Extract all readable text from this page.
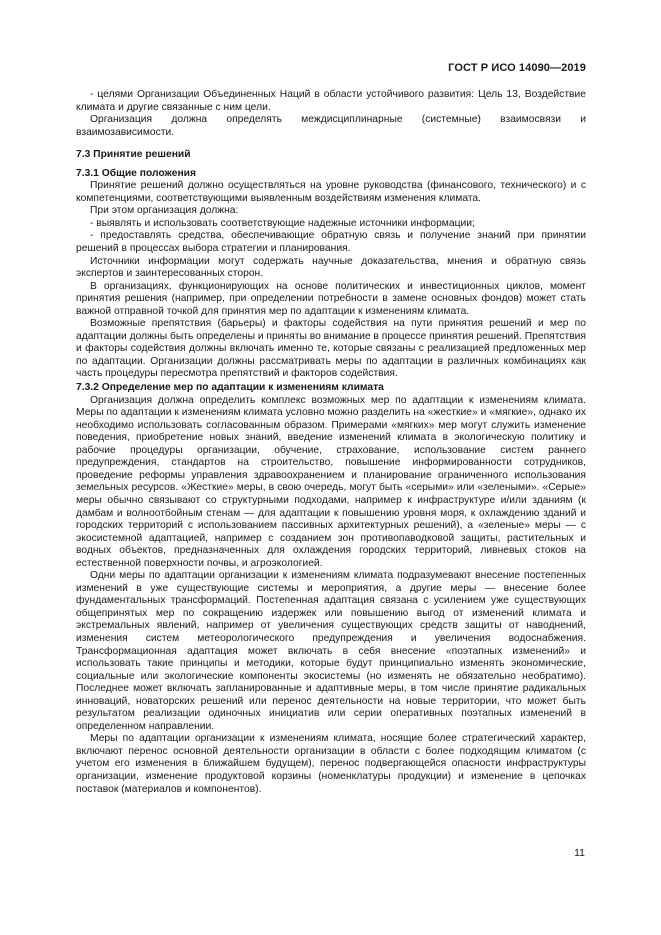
ГОСТ Р ИСО 14090—2019

- целями Организации Объединенных Наций в области устойчивого развития: Цель 13, Воздействие климата и другие связанные с ним цели.

Организация должна определять междисциплинарные (системные) взаимосвязи и взаимозависимости.

7.3 Принятие решений
7.3.1 Общие положения

Принятие решений должно осуществляться на уровне руководства (финансового, технического) и с компетенциями, соответствующими выявленным воздействиям изменения климата.

При этом организация должна:

- выявлять и использовать соответствующие надежные источники информации;

- предоставлять средства, обеспечивающие обратную связь и получение знаний при принятии решений в процессах выбора стратегии и планирования.

Источники информации могут содержать научные доказательства, мнения и обратную связь экспертов и заинтересованных сторон.

В организациях, функционирующих на основе политических и инвестиционных циклов, момент принятия решения (например, при определении потребности в замене основных фондов) может стать важной отправной точкой для принятия мер по адаптации к изменениям климата.

Возможные препятствия (барьеры) и факторы содействия на пути принятия решений и мер по адаптации должны быть определены и приняты во внимание в процессе принятия решений. Препятствия и факторы содействия должны включать именно те, которые связаны с реализацией предложенных мер по адаптации. Организации должны рассматривать меры по адаптации в различных комбинациях как часть процедуры пересмотра препятствий и факторов содействия.

7.3.2 Определение мер по адаптации к изменениям климата

Организация должна определить комплекс возможных мер по адаптации к изменениям климата. Меры по адаптации к изменениям климата условно можно разделить на «жесткие» и «мягкие», однако их необходимо использовать согласованным образом. Примерами «мягких» мер могут служить изменение поведения, приобретение новых знаний, введение изменений климата в экологическую политику и рабочие процедуры организации, обучение, страхование, использование систем раннего предупреждения, стандартов на строительство, повышение информированности сотрудников, проведение реформы управления здравоохранением и планирование ограниченного использования земельных ресурсов. «Жесткие» меры, в свою очередь, могут быть «серыми» или «зелеными». «Серые» меры обычно связывают со структурными подходами, например к инфраструктуре и/или зданиям (к дамбам и волноотбойным стенам — для адаптации к повышению уровня моря, к охлаждению зданий и городских территорий с использованием пассивных архитектурных решений), а «зеленые» меры — с экосистемной адаптацией, например с созданием зон противопаводковой защиты, растительных и водных объектов, предназначенных для охлаждения городских территорий, ливневых стоков на естественной поверхности почвы, и агроэкологией.

Одни меры по адаптации организации к изменениям климата подразумевают внесение постепенных изменений в уже существующие системы и мероприятия, а другие меры — внесение более фундаментальных трансформаций. Постепенная адаптация связана с усилением уже существующих общепринятых мер по сокращению издержек или повышению выгод от изменений климата и экстремальных явлений, например от увеличения существующих средств защиты от наводнений, изменения систем метеорологического предупреждения и увеличения водоснабжения. Трансформационная адаптация может включать в себя внесение «поэтапных изменений» и использовать такие принципы и методики, которые будут принципиально изменять экономические, социальные или экологические компоненты экосистемы (но изменять не обязательно необратимо). Последнее может включать запланированные и адаптивные меры, в том числе принятие радикальных инноваций, новаторских решений или перенос деятельности на новые территории, что может быть результатом реализации одиночных инициатив или серии оперативных поэтапных изменений в определенном направлении.

Меры по адаптации организации к изменениям климата, носящие более стратегический характер, включают перенос основной деятельности организации в области с более подходящим климатом (с учетом его изменения в ближайшем будущем), перенос подвергающейся опасности инфраструктуры организации, изменение продуктовой корзины (номенклатуры продукции) и изменение в цепочках поставок (материалов и компонентов).

11
